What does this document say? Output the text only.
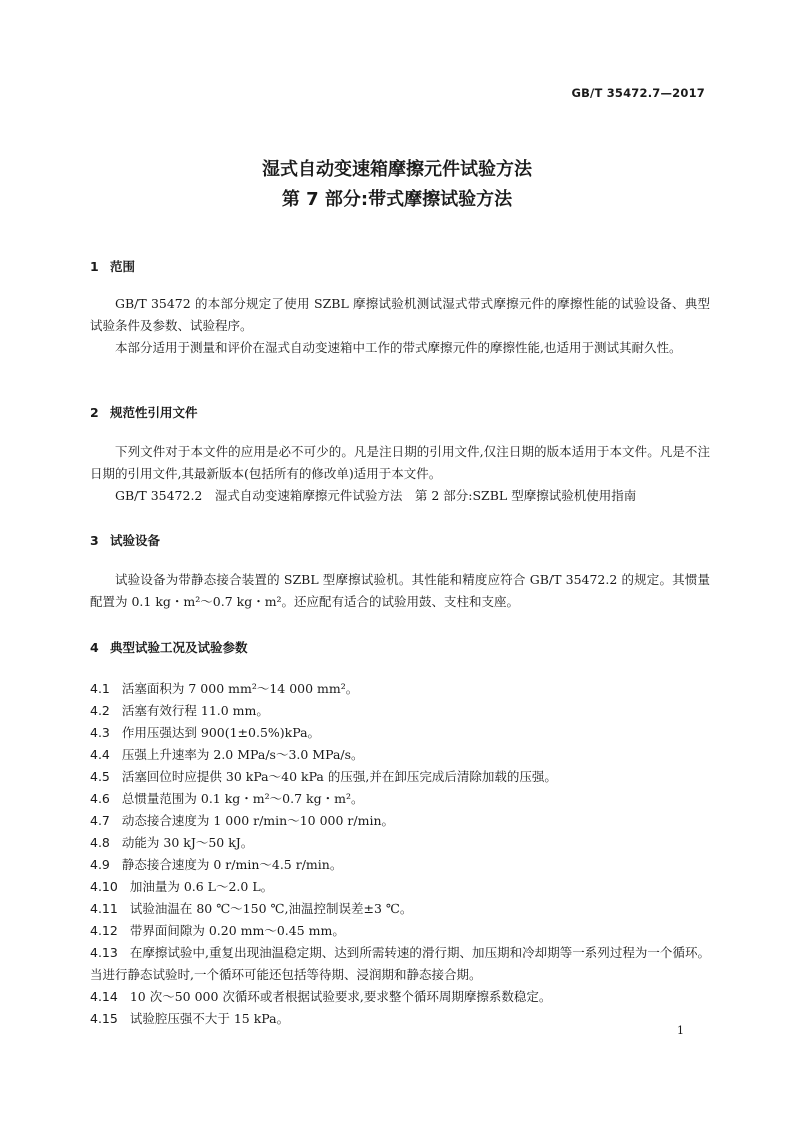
GB/T 35472.7—2017
湿式自动变速箱摩擦元件试验方法
第 7 部分:带式摩擦试验方法
1 范围
GB/T 35472 的本部分规定了使用 SZBL 摩擦试验机测试湿式带式摩擦元件的摩擦性能的试验设备、典型试验条件及参数、试验程序。
本部分适用于测量和评价在湿式自动变速箱中工作的带式摩擦元件的摩擦性能,也适用于测试其耐久性。
2 规范性引用文件
下列文件对于本文件的应用是必不可少的。凡是注日期的引用文件,仅注日期的版本适用于本文件。凡是不注日期的引用文件,其最新版本(包括所有的修改单)适用于本文件。
GB/T 35472.2　湿式自动变速箱摩擦元件试验方法　第 2 部分:SZBL 型摩擦试验机使用指南
3 试验设备
试验设备为带静态接合装置的 SZBL 型摩擦试验机。其性能和精度应符合 GB/T 35472.2 的规定。其惯量配置为 0.1 kg・m²～0.7 kg・m²。还应配有适合的试验用鼓、支柱和支座。
4 典型试验工况及试验参数
4.1 活塞面积为 7 000 mm²～14 000 mm²。
4.2 活塞有效行程 11.0 mm。
4.3 作用压强达到 900(1±0.5%)kPa。
4.4 压强上升速率为 2.0 MPa/s～3.0 MPa/s。
4.5 活塞回位时应提供 30 kPa～40 kPa 的压强,并在卸压完成后清除加载的压强。
4.6 总惯量范围为 0.1 kg・m²～0.7 kg・m²。
4.7 动态接合速度为 1 000 r/min～10 000 r/min。
4.8 动能为 30 kJ～50 kJ。
4.9 静态接合速度为 0 r/min～4.5 r/min。
4.10 加油量为 0.6 L～2.0 L。
4.11 试验油温在 80 ℃～150 ℃,油温控制误差±3 ℃。
4.12 带界面间隙为 0.20 mm～0.45 mm。
4.13 在摩擦试验中,重复出现油温稳定期、达到所需转速的滑行期、加压期和冷却期等一系列过程为一个循环。当进行静态试验时,一个循环可能还包括等待期、浸润期和静态接合期。
4.14 10 次～50 000 次循环或者根据试验要求,要求整个循环周期摩擦系数稳定。
4.15 试验腔压强不大于 15 kPa。
1
